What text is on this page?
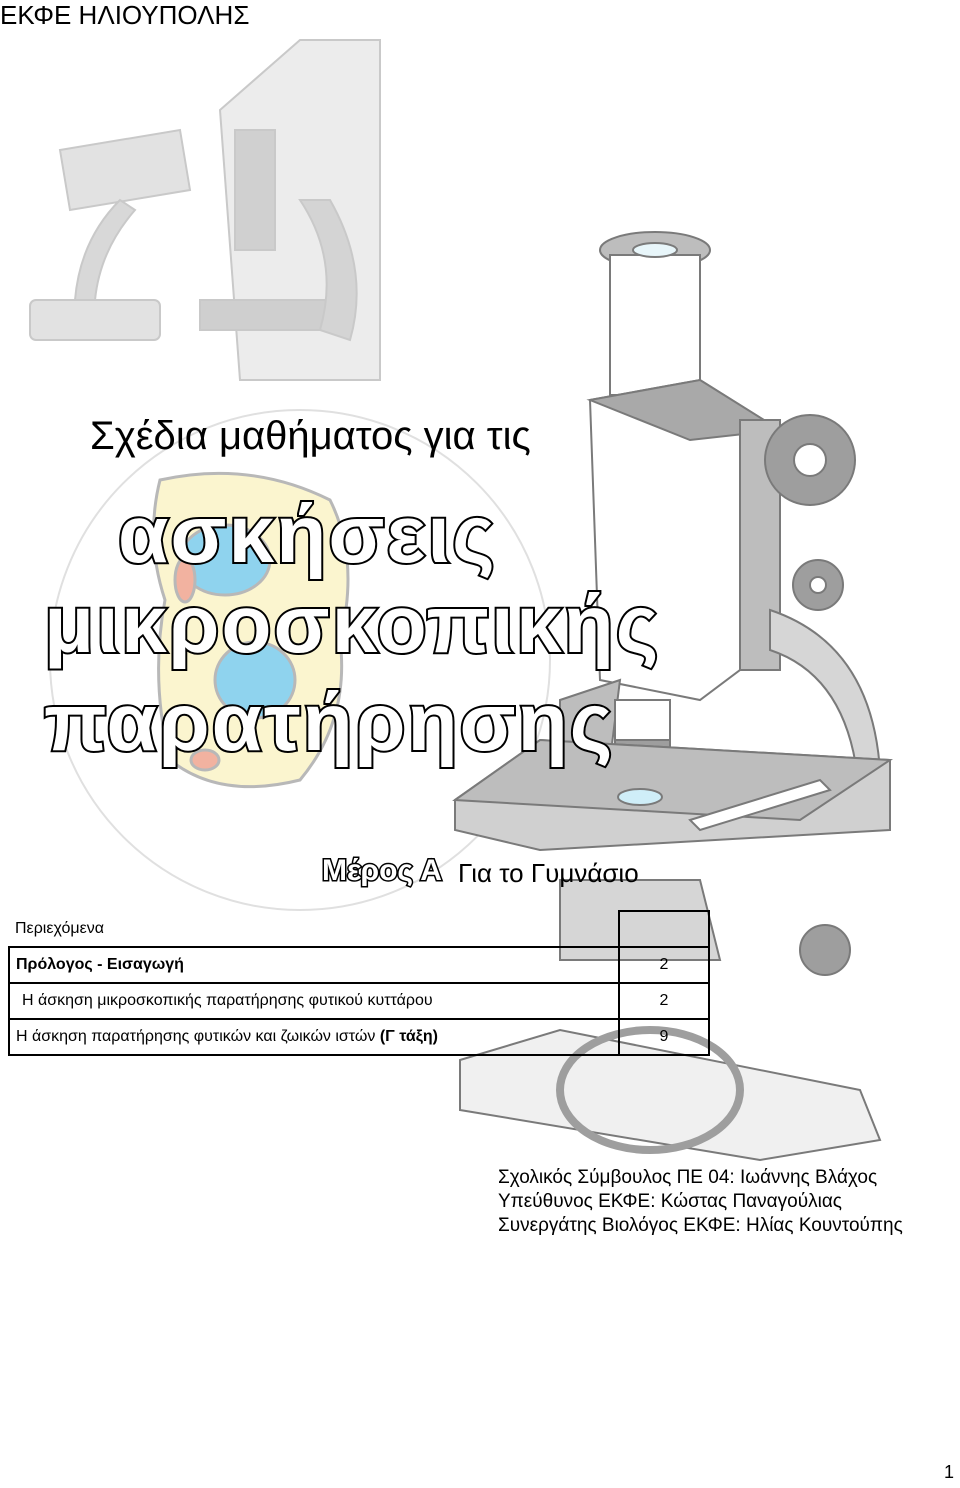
ΕΚΦΕ ΗΛΙΟΥΠΟΛΗΣ
Σχέδια μαθήματος για τις
ασκήσεις
μικροσκοπικής
παρατήρησης
Μέρος Α Για το Γυμνάσιο
Περιεχόμενα	
Πρόλογος - Εισαγωγή	2
Η άσκηση μικροσκοπικής παρατήρησης φυτικού κυττάρου	2
Η άσκηση παρατήρησης φυτικών και ζωικών ιστών (Γ τάξη)	9
Σχολικός Σύμβουλος ΠΕ 04: Ιωάννης Βλάχος
Υπεύθυνος ΕΚΦΕ: Κώστας Παναγούλιας
Συνεργάτης Βιολόγος ΕΚΦΕ: Ηλίας Κουντούπης
1
